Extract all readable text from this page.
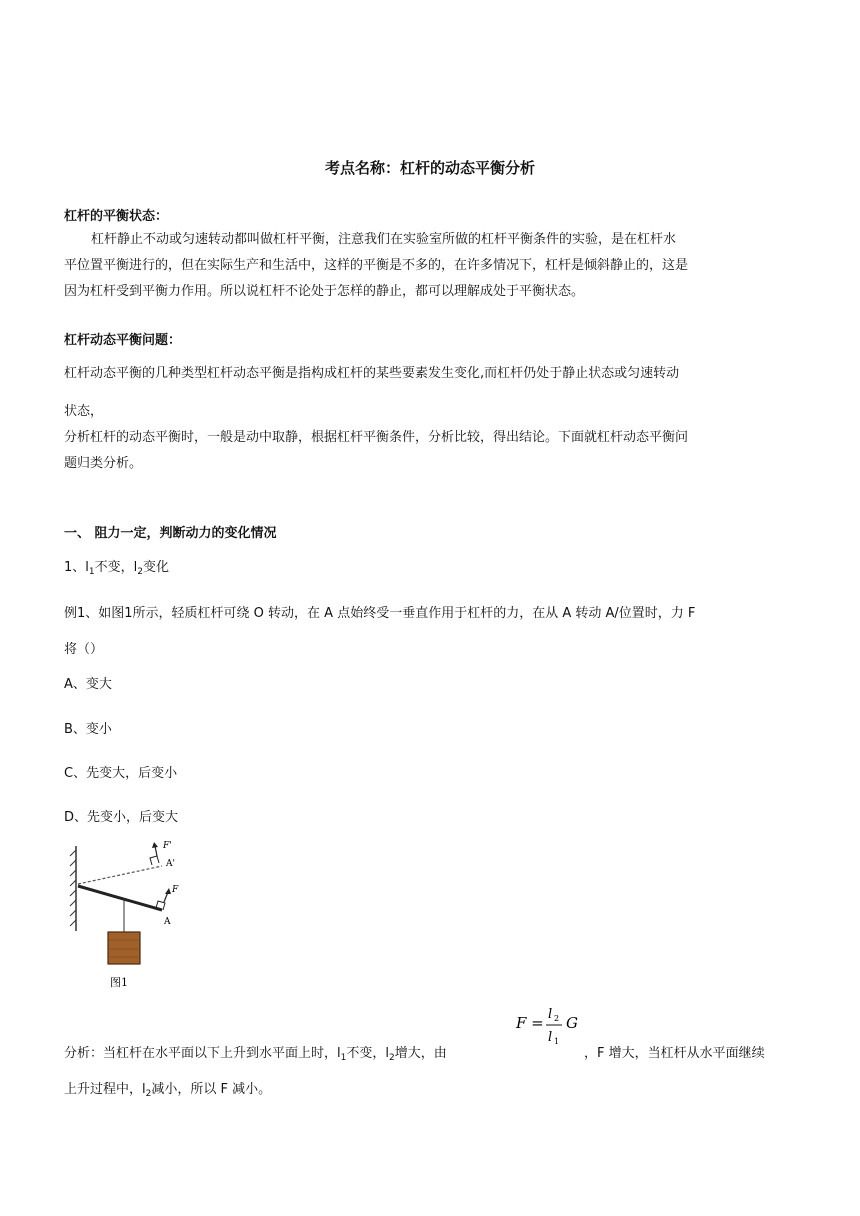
考点名称：杠杆的动态平衡分析
杠杆的平衡状态：
杠杆静止不动或匀速转动都叫做杠杆平衡，注意我们在实验室所做的杠杆平衡条件的实验，是在杠杆水
平位置平衡进行的，但在实际生产和生活中，这样的平衡是不多的，在许多情况下，杠杆是倾斜静止的，这是
因为杠杆受到平衡力作用。所以说杠杆不论处于怎样的静止，都可以理解成处于平衡状态。
杠杆动态平衡问题：
杠杆动态平衡的几种类型杠杆动态平衡是指构成杠杆的某些要素发生变化,而杠杆仍处于静止状态或匀速转动
状态，
分析杠杆的动态平衡时，一般是动中取静，根据杠杆平衡条件，分析比较，得出结论。下面就杠杆动态平衡问
题归类分析。
一、 阻力一定，判断动力的变化情况
1、$l_1$不变，$l_2$变化
例1、如图1所示，轻质杠杆可绕 O 转动，在 A 点始终受一垂直作用于杠杆的力，在从 A 转动 A/位置时，力 F
将（）
A、变大
B、变小
C、先变大，后变小
D、先变小，后变大
F'
A'
F
A
图1
F = l 2
l 1
G
分析：当杠杆在水平面以下上升到水平面上时，$l_1$不变，$l_2$增大，由	，F 增大，当杠杆从水平面继续
上升过程中，$l_2$减小，所以 F 减小。
